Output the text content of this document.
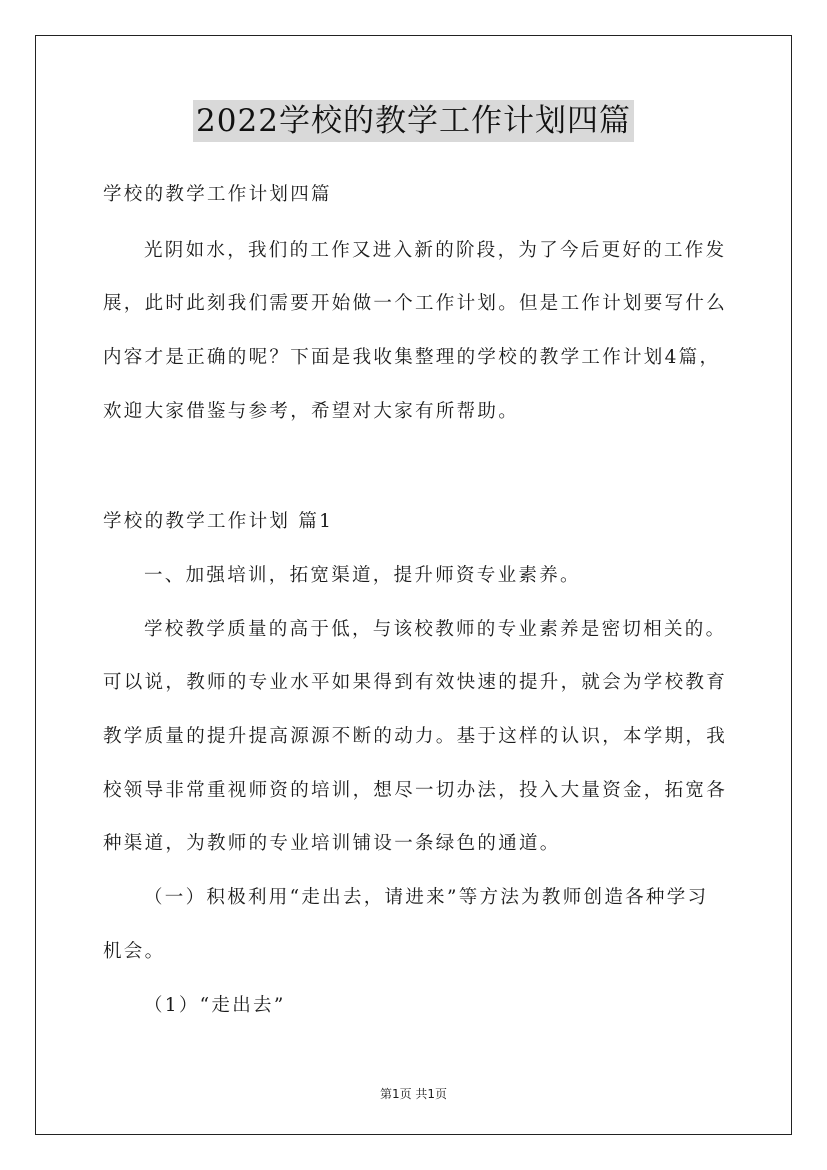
2022学校的教学工作计划四篇
学校的教学工作计划四篇
光阴如水，我们的工作又进入新的阶段，为了今后更好的工作发
展，此时此刻我们需要开始做一个工作计划。但是工作计划要写什么
内容才是正确的呢？下面是我收集整理的学校的教学工作计划4篇，
欢迎大家借鉴与参考，希望对大家有所帮助。
学校的教学工作计划 篇1
一、加强培训，拓宽渠道，提升师资专业素养。
学校教学质量的高于低，与该校教师的专业素养是密切相关的。
可以说，教师的专业水平如果得到有效快速的提升，就会为学校教育
教学质量的提升提高源源不断的动力。基于这样的认识，本学期，我
校领导非常重视师资的培训，想尽一切办法，投入大量资金，拓宽各
种渠道，为教师的专业培训铺设一条绿色的通道。
（一）积极利用“走出去，请进来”等方法为教师创造各种学习
机会。
（1）“走出去”
第1页 共1页
